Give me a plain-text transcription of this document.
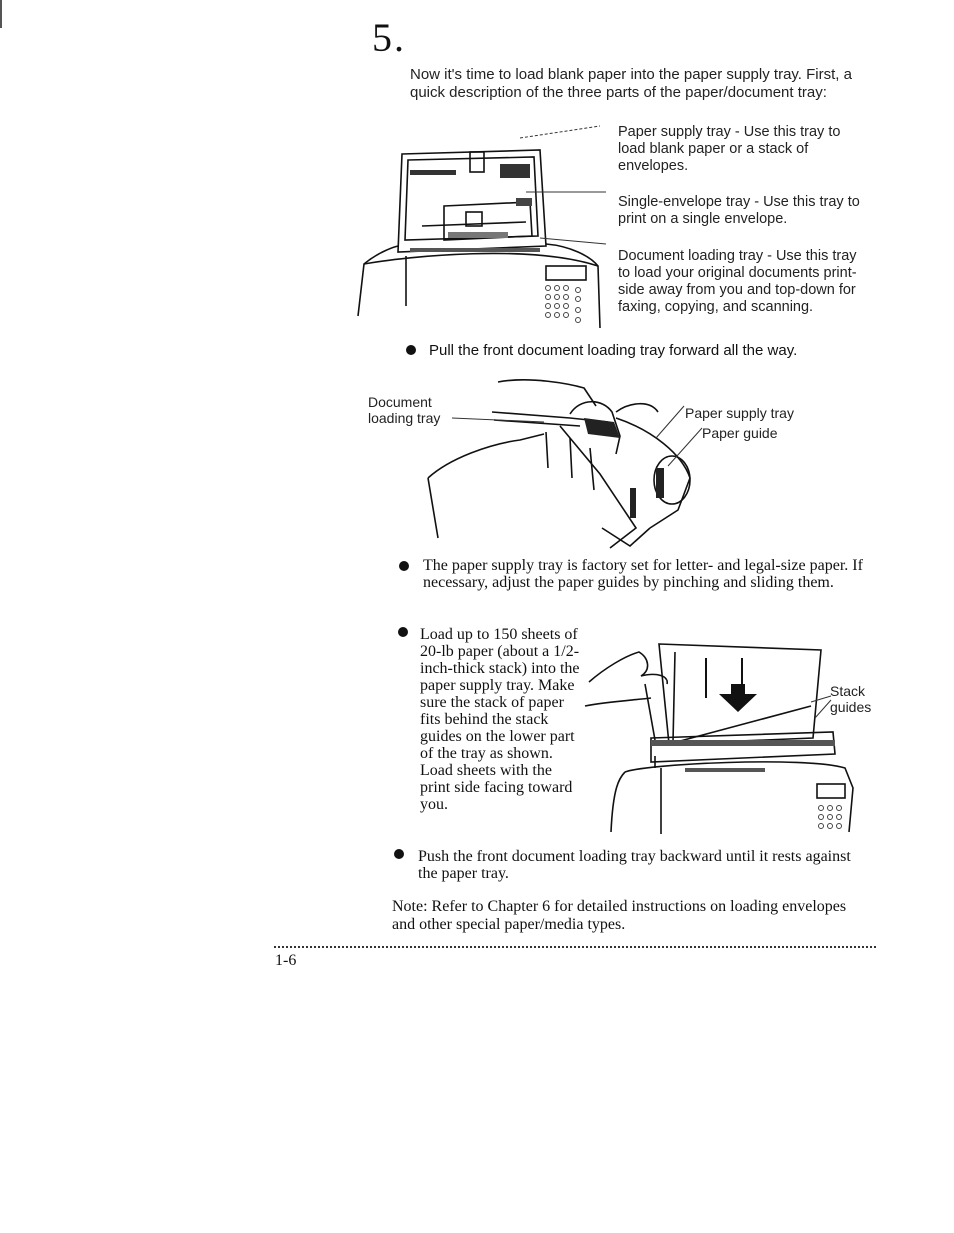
5.
Now it's time to load blank paper into the paper supply tray. First, a quick description of the three parts of the paper/document tray:
Paper supply tray - Use this tray to load blank paper or a stack of envelopes.
Single-envelope tray - Use this tray to print on a single envelope.
Document loading tray - Use this tray to load your original documents print-side away from you and top-down for faxing, copying, and scanning.
Pull the front document loading tray forward all the way.
Document loading tray	Paper supply tray
Paper guide
The paper supply tray is factory set for letter- and legal-size paper. If necessary, adjust the paper guides by pinching and sliding them.
Load up to 150 sheets of 20-lb paper (about a 1/2-inch-thick stack) into the paper supply tray. Make sure the stack of paper fits behind the stack guides on the lower part of the tray as shown. Load sheets with the print side facing toward you.
Stack guides
Push the front document loading tray backward until it rests against the paper tray.
Note: Refer to Chapter 6 for detailed instructions on loading envelopes and other special paper/media types.
1-6
